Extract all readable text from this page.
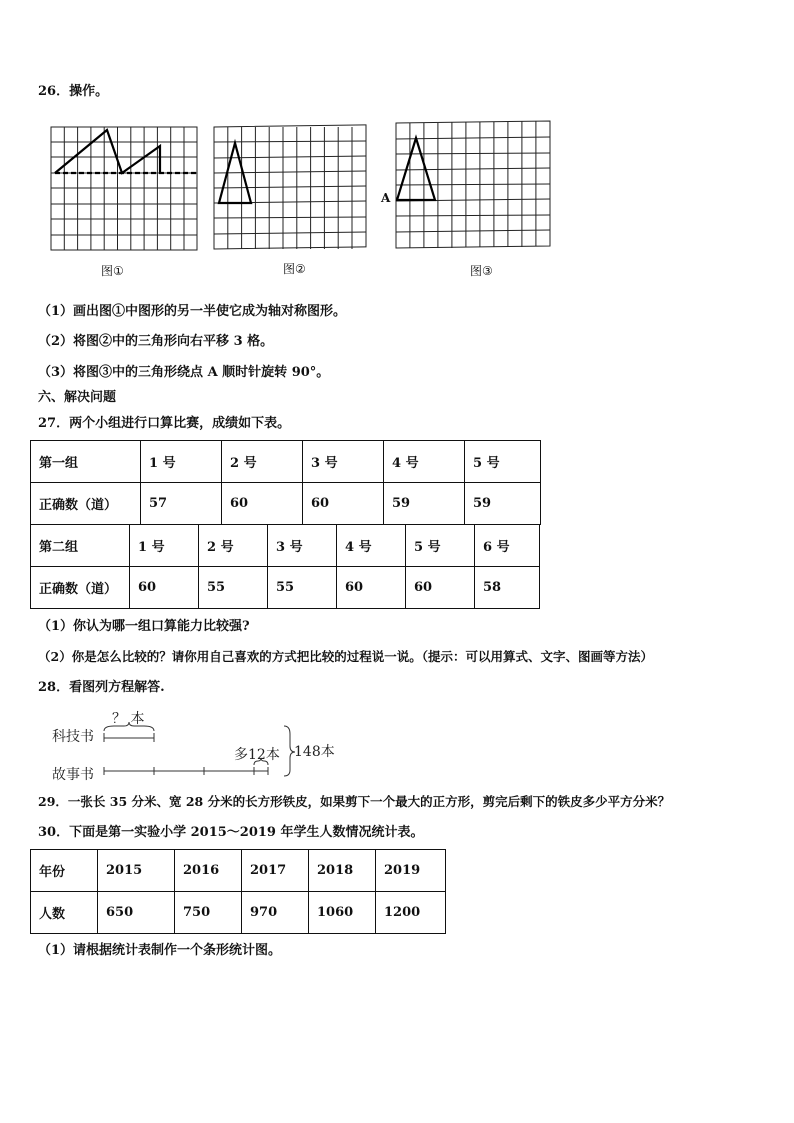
26．操作。
图①	图②
A
图③
（1）画出图①中图形的另一半使它成为轴对称图形。
（2）将图②中的三角形向右平移 3 格。
（3）将图③中的三角形绕点 A 顺时针旋转 90°。
六、解决问题
27．两个小组进行口算比赛，成绩如下表。
第一组	1 号	2 号	3 号	4 号	5 号
正确数（道）	57	60	60	59	59
第二组	1 号	2 号	3 号	4 号	5 号	6 号
正确数（道）	60	55	55	60	60	58
（1）你认为哪一组口算能力比较强?
（2）你是怎么比较的？请你用自己喜欢的方式把比较的过程说一说。（提示：可以用算式、文字、图画等方法）
28．看图列方程解答.
科技书
故事书
？ 本
多12本 148本
29．一张长 35 分米、宽 28 分米的长方形铁皮，如果剪下一个最大的正方形，剪完后剩下的铁皮多少平方分米？
30．下面是第一实验小学 2015～2019 年学生人数情况统计表。
年份	2015	2016	2017	2018	2019
人数	650	750	970	1060	1200
（1）请根据统计表制作一个条形统计图。
